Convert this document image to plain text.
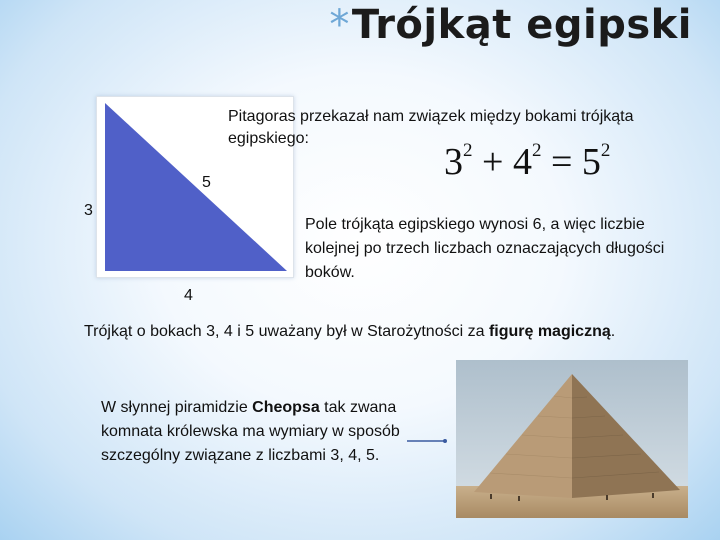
*Trójkąt egipski
5
3
4
Pitagoras przekazał nam związek między bokami trójkąta egipskiego:
$3^2 + 4^2 = 5^2$
Pole trójkąta egipskiego wynosi 6, a więc liczbie kolejnej po trzech liczbach oznaczających długości boków.
Trójkąt o bokach 3, 4 i 5 uważany był w Starożytności za figurę magiczną.
W słynnej piramidzie Cheopsa tak zwana komnata królewska ma wymiary w sposób szczególny związane z liczbami 3, 4, 5.
